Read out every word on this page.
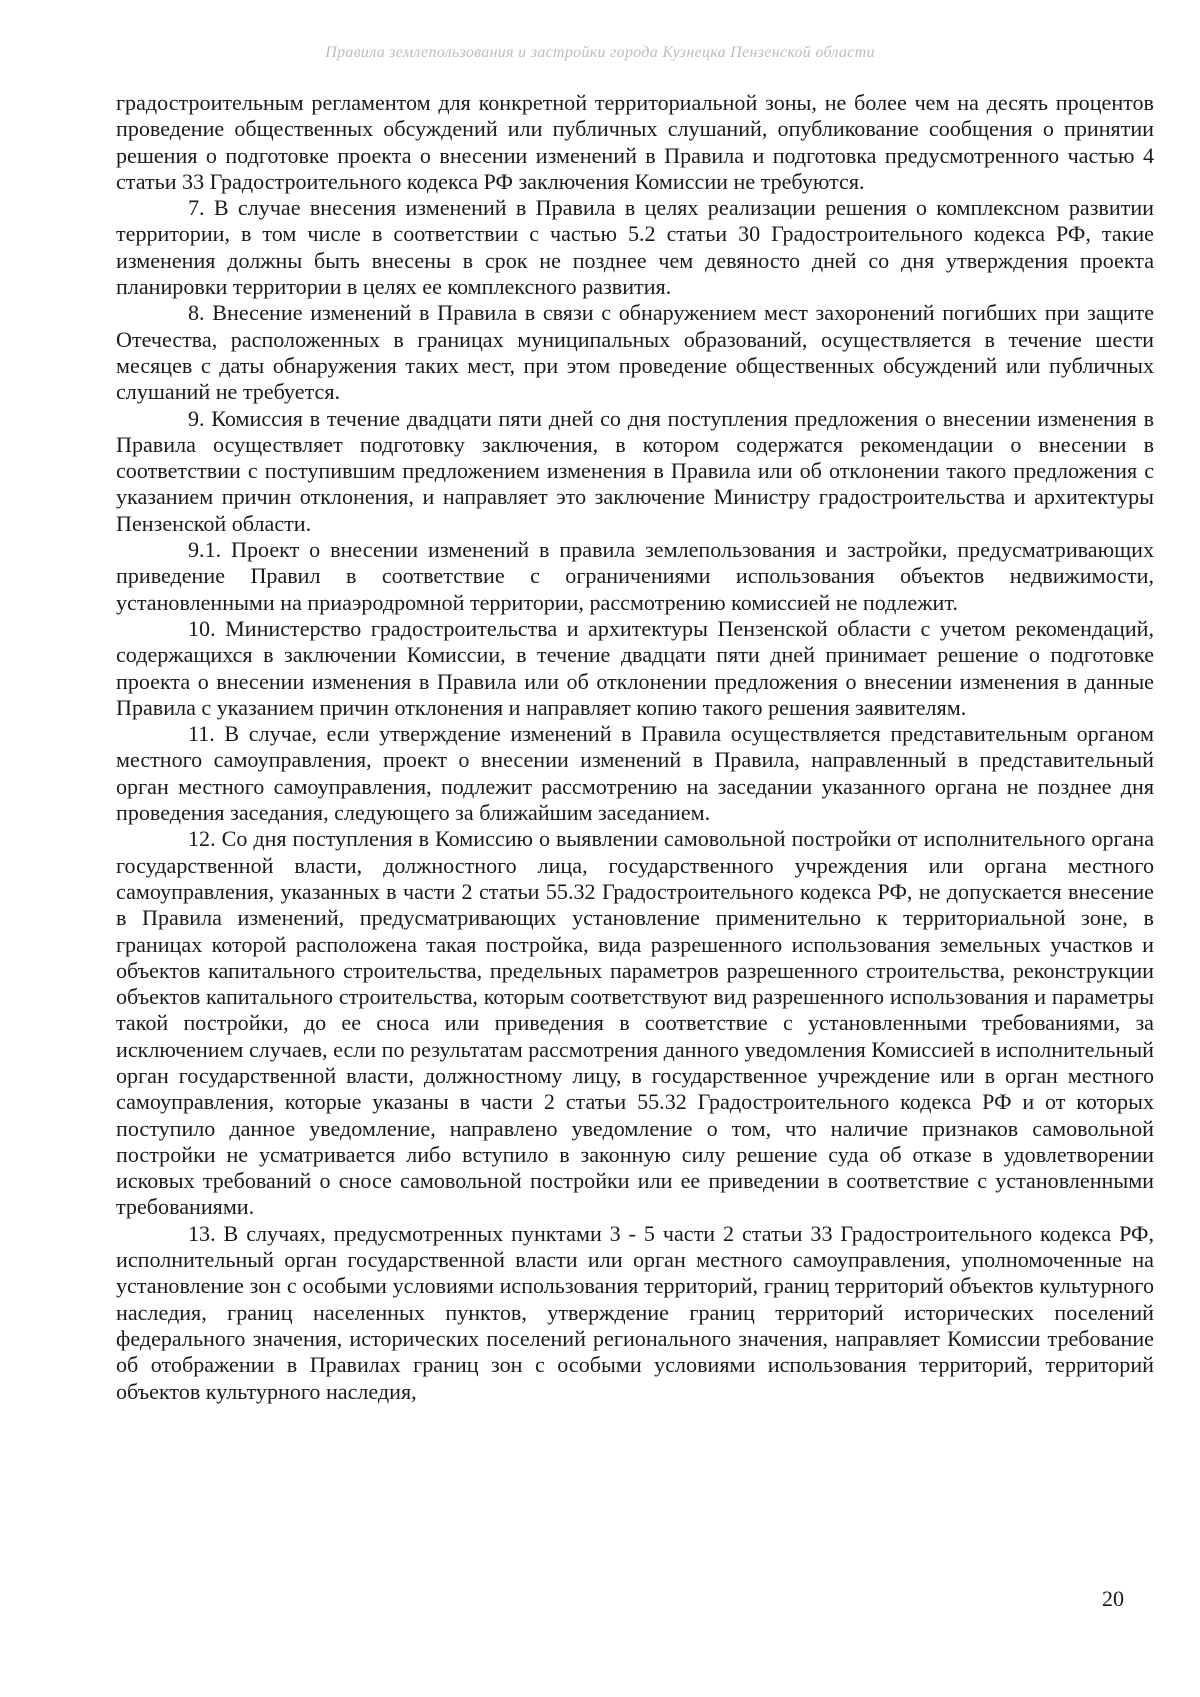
Правила землепользования и застройки города Кузнецка Пензенской области

градостроительным регламентом для конкретной территориальной зоны, не более чем на десять процентов проведение общественных обсуждений или публичных слушаний, опубликование сообщения о принятии решения о подготовке проекта о внесении изменений в Правила и подготовка предусмотренного частью 4 статьи 33 Градостроительного кодекса РФ заключения Комиссии не требуются.

7. В случае внесения изменений в Правила в целях реализации решения о комплексном развитии территории, в том числе в соответствии с частью 5.2 статьи 30 Градостроительного кодекса РФ, такие изменения должны быть внесены в срок не позднее чем девяносто дней со дня утверждения проекта планировки территории в целях ее комплексного развития.

8. Внесение изменений в Правила в связи с обнаружением мест захоронений погибших при защите Отечества, расположенных в границах муниципальных образований, осуществляется в течение шести месяцев с даты обнаружения таких мест, при этом проведение общественных обсуждений или публичных слушаний не требуется.

9. Комиссия в течение двадцати пяти дней со дня поступления предложения о внесении изменения в Правила осуществляет подготовку заключения, в котором содержатся рекомендации о внесении в соответствии с поступившим предложением изменения в Правила или об отклонении такого предложения с указанием причин отклонения, и направляет это заключение Министру градостроительства и архитектуры Пензенской области.

9.1. Проект о внесении изменений в правила землепользования и застройки, предусматривающих приведение Правил в соответствие с ограничениями использования объектов недвижимости, установленными на приаэродромной территории, рассмотрению комиссией не подлежит.

10. Министерство градостроительства и архитектуры Пензенской области с учетом рекомендаций, содержащихся в заключении Комиссии, в течение двадцати пяти дней принимает решение о подготовке проекта о внесении изменения в Правила или об отклонении предложения о внесении изменения в данные Правила с указанием причин отклонения и направляет копию такого решения заявителям.

11. В случае, если утверждение изменений в Правила осуществляется представительным органом местного самоуправления, проект о внесении изменений в Правила, направленный в представительный орган местного самоуправления, подлежит рассмотрению на заседании указанного органа не позднее дня проведения заседания, следующего за ближайшим заседанием.

12. Со дня поступления в Комиссию о выявлении самовольной постройки от исполнительного органа государственной власти, должностного лица, государственного учреждения или органа местного самоуправления, указанных в части 2 статьи 55.32 Градостроительного кодекса РФ, не допускается внесение в Правила изменений, предусматривающих установление применительно к территориальной зоне, в границах которой расположена такая постройка, вида разрешенного использования земельных участков и объектов капитального строительства, предельных параметров разрешенного строительства, реконструкции объектов капитального строительства, которым соответствуют вид разрешенного использования и параметры такой постройки, до ее сноса или приведения в соответствие с установленными требованиями, за исключением случаев, если по результатам рассмотрения данного уведомления Комиссией в исполнительный орган государственной власти, должностному лицу, в государственное учреждение или в орган местного самоуправления, которые указаны в части 2 статьи 55.32 Градостроительного кодекса РФ и от которых поступило данное уведомление, направлено уведомление о том, что наличие признаков самовольной постройки не усматривается либо вступило в законную силу решение суда об отказе в удовлетворении исковых требований о сносе самовольной постройки или ее приведении в соответствие с установленными требованиями.

13. В случаях, предусмотренных пунктами 3 - 5 части 2 статьи 33 Градостроительного кодекса РФ, исполнительный орган государственной власти или орган местного самоуправления, уполномоченные на установление зон с особыми условиями использования территорий, границ территорий объектов культурного наследия, границ населенных пунктов, утверждение границ территорий исторических поселений федерального значения, исторических поселений регионального значения, направляет Комиссии требование об отображении в Правилах границ зон с особыми условиями использования территорий, территорий объектов культурного наследия,

20
